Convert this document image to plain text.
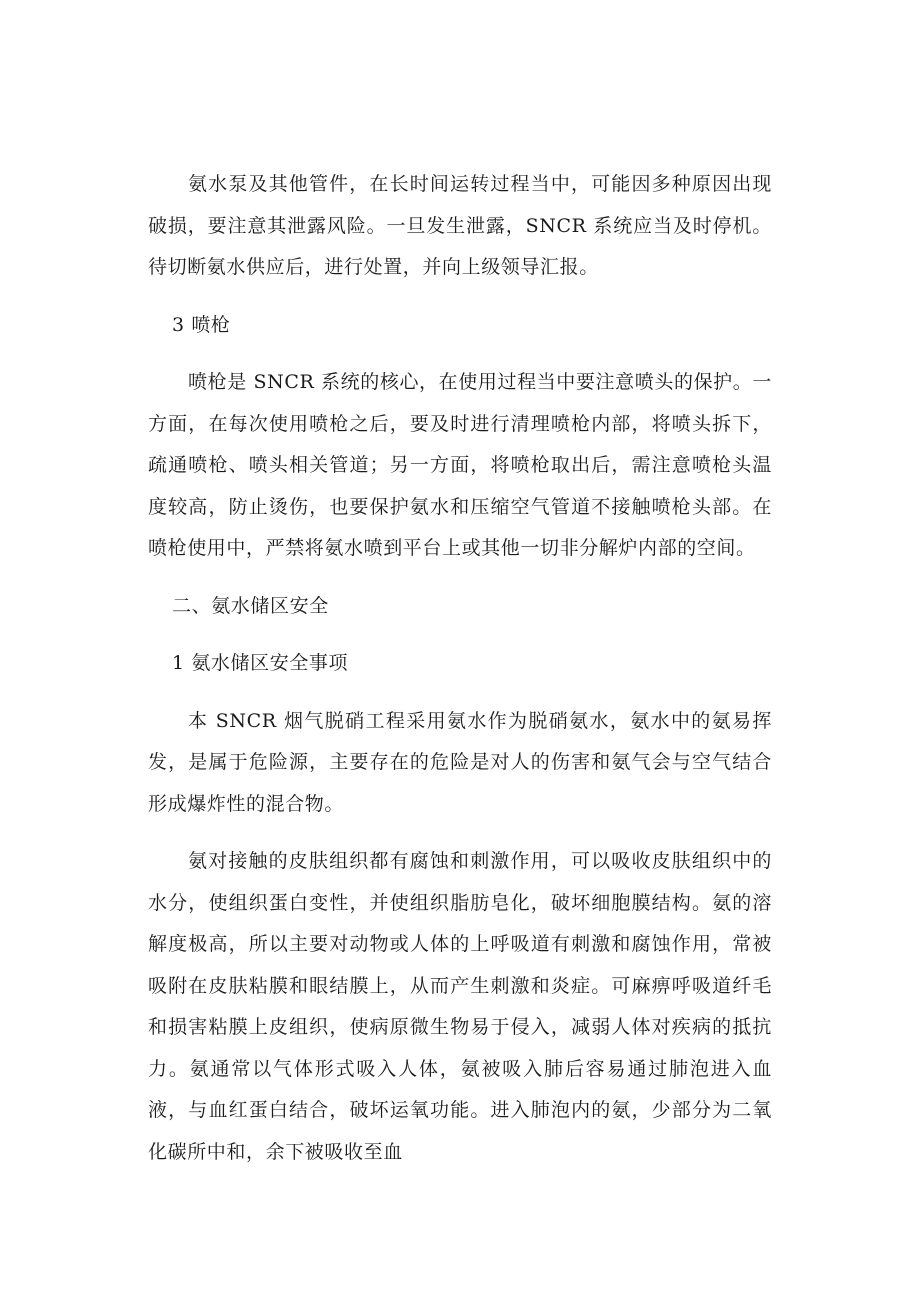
氨水泵及其他管件，在长时间运转过程当中，可能因多种原因出现破损，要注意其泄露风险。一旦发生泄露，SNCR 系统应当及时停机。待切断氨水供应后，进行处置，并向上级领导汇报。

3 喷枪

喷枪是 SNCR 系统的核心，在使用过程当中要注意喷头的保护。一方面，在每次使用喷枪之后，要及时进行清理喷枪内部，将喷头拆下，疏通喷枪、喷头相关管道；另一方面，将喷枪取出后，需注意喷枪头温度较高，防止烫伤，也要保护氨水和压缩空气管道不接触喷枪头部。在喷枪使用中，严禁将氨水喷到平台上或其他一切非分解炉内部的空间。

二、氨水储区安全

1 氨水储区安全事项

本 SNCR 烟气脱硝工程采用氨水作为脱硝氨水，氨水中的氨易挥发，是属于危险源，主要存在的危险是对人的伤害和氨气会与空气结合形成爆炸性的混合物。

氨对接触的皮肤组织都有腐蚀和刺激作用，可以吸收皮肤组织中的水分，使组织蛋白变性，并使组织脂肪皂化，破坏细胞膜结构。氨的溶解度极高，所以主要对动物或人体的上呼吸道有刺激和腐蚀作用，常被吸附在皮肤粘膜和眼结膜上，从而产生刺激和炎症。可麻痹呼吸道纤毛和损害粘膜上皮组织，使病原微生物易于侵入，减弱人体对疾病的抵抗力。氨通常以气体形式吸入人体，氨被吸入肺后容易通过肺泡进入血液，与血红蛋白结合，破坏运氧功能。进入肺泡内的氨，少部分为二氧化碳所中和，余下被吸收至血
